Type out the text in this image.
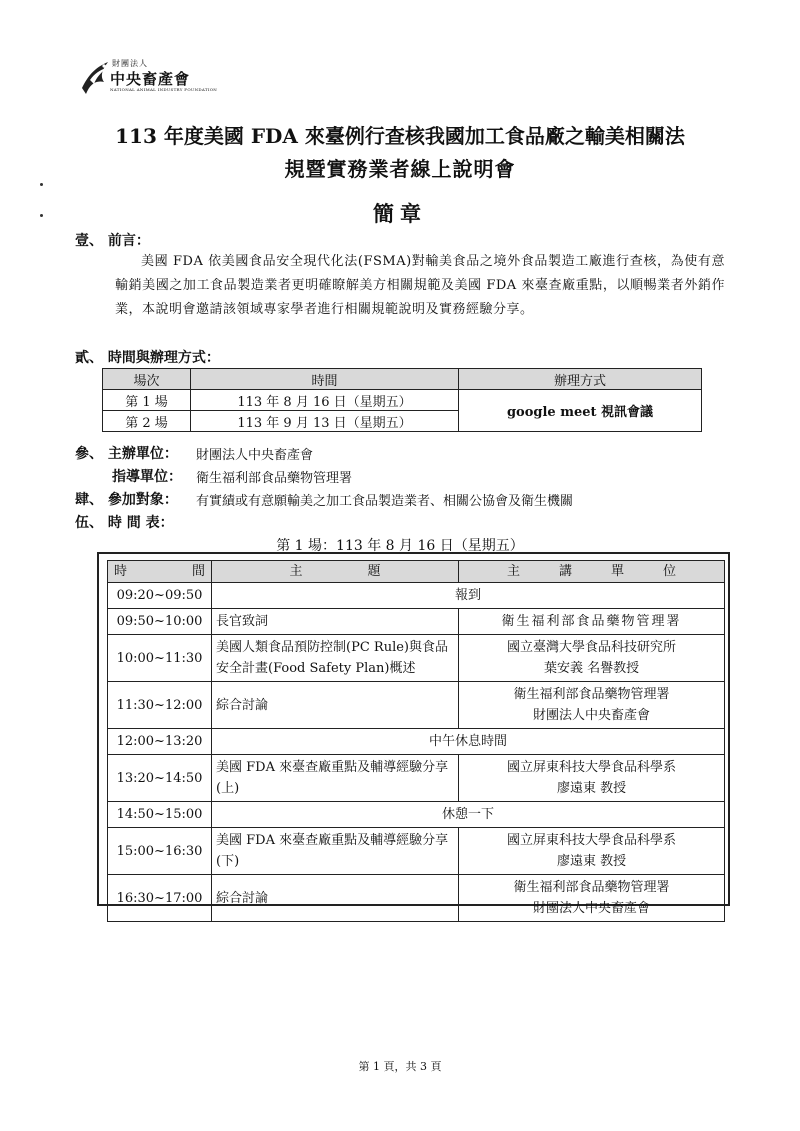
財團法人
中央畜產會
NATIONAL ANIMAL INDUSTRY FOUNDATION
113 年度美國 FDA 來臺例行查核我國加工食品廠之輸美相關法
規暨實務業者線上說明會
簡章
壹、 前言：
美國 FDA 依美國食品安全現代化法(FSMA)對輸美食品之境外食品製造工廠進行查核，為使有意輸銷美國之加工食品製造業者更明確瞭解美方相關規範及美國 FDA 來臺查廠重點，以順暢業者外銷作業，本說明會邀請該領域專家學者進行相關規範說明及實務經驗分享。
貳、 時間與辦理方式：
場次	時間	辦理方式
第 1 場	113 年 8 月 16 日（星期五）	google meet 視訊會議
第 2 場	113 年 9 月 13 日（星期五）	
參、 主辦單位： 財團法人中央畜產會
指導單位： 衛生福利部食品藥物管理署
肆、 參加對象： 有實績或有意願輸美之加工食品製造業者、相關公協會及衛生機關
伍、 時 間 表：
第 1 場：113 年 8 月 16 日（星期五）
時　　　　　間	主　　　　　題	主　　　講　　　單　　　位
09:20~09:50	報到	
09:50~10:00	長官致詞	衛生福利部食品藥物管理署
10:00~11:30	美國人類食品預防控制(PC Rule)與食品安全計畫(Food Safety Plan)概述	國立臺灣大學食品科技研究所
葉安義 名譽教授

11:30~12:00	綜合討論	衛生福利部食品藥物管理署
財團法人中央畜產會

12:00~13:20	中午休息時間	
13:20~14:50	美國 FDA 來臺查廠重點及輔導經驗分享(上)	國立屏東科技大學食品科學系
廖遠東 教授

14:50~15:00	休憩一下	
15:00~16:30	美國 FDA 來臺查廠重點及輔導經驗分享(下)	國立屏東科技大學食品科學系
廖遠東 教授

16:30~17:00	綜合討論	衛生福利部食品藥物管理署
財團法人中央畜產會
第 1 頁，共 3 頁
